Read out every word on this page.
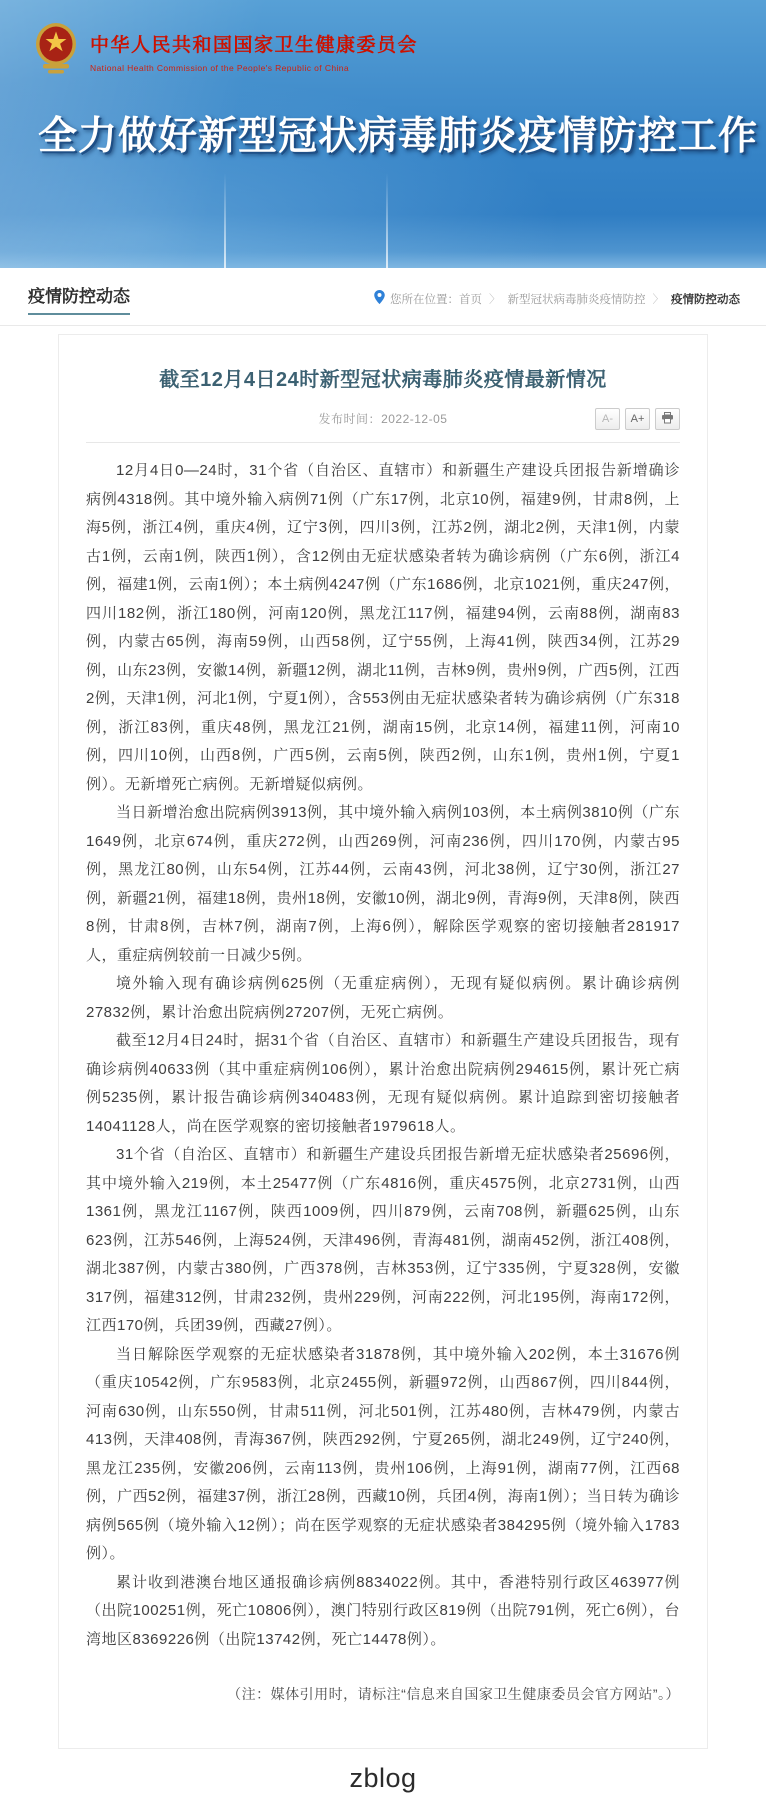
中华人民共和国国家卫生健康委员会
National Health Commission of the People's Republic of China
全力做好新型冠状病毒肺炎疫情防控工作
疫情防控动态	您所在位置： 首页 〉 新型冠状病毒肺炎疫情防控 〉 疫情防控动态
截至12月4日24时新型冠状病毒肺炎疫情最新情况
发布时间：2022-12-05	A-	A+

12月4日0—24时，31个省（自治区、直辖市）和新疆生产建设兵团报告新增确诊病例4318例。其中境外输入病例71例（广东17例，北京10例，福建9例，甘肃8例，上海5例，浙江4例，重庆4例，辽宁3例，四川3例，江苏2例，湖北2例，天津1例，内蒙古1例，云南1例，陕西1例），含12例由无症状感染者转为确诊病例（广东6例，浙江4例，福建1例，云南1例）；本土病例4247例（广东1686例，北京1021例，重庆247例，四川182例，浙江180例，河南120例，黑龙江117例，福建94例，云南88例，湖南83例，内蒙古65例，海南59例，山西58例，辽宁55例，上海41例，陕西34例，江苏29例，山东23例，安徽14例，新疆12例，湖北11例，吉林9例，贵州9例，广西5例，江西2例，天津1例，河北1例，宁夏1例），含553例由无症状感染者转为确诊病例（广东318例，浙江83例，重庆48例，黑龙江21例，湖南15例，北京14例，福建11例，河南10例，四川10例，山西8例，广西5例，云南5例，陕西2例，山东1例，贵州1例，宁夏1例）。无新增死亡病例。无新增疑似病例。

当日新增治愈出院病例3913例，其中境外输入病例103例，本土病例3810例（广东1649例，北京674例，重庆272例，山西269例，河南236例，四川170例，内蒙古95例，黑龙江80例，山东54例，江苏44例，云南43例，河北38例，辽宁30例，浙江27例，新疆21例，福建18例，贵州18例，安徽10例，湖北9例，青海9例，天津8例，陕西8例，甘肃8例，吉林7例，湖南7例，上海6例），解除医学观察的密切接触者281917人，重症病例较前一日减少5例。

境外输入现有确诊病例625例（无重症病例），无现有疑似病例。累计确诊病例27832例，累计治愈出院病例27207例，无死亡病例。

截至12月4日24时，据31个省（自治区、直辖市）和新疆生产建设兵团报告，现有确诊病例40633例（其中重症病例106例），累计治愈出院病例294615例，累计死亡病例5235例，累计报告确诊病例340483例，无现有疑似病例。累计追踪到密切接触者14041128人，尚在医学观察的密切接触者1979618人。

31个省（自治区、直辖市）和新疆生产建设兵团报告新增无症状感染者25696例，其中境外输入219例，本土25477例（广东4816例，重庆4575例，北京2731例，山西1361例，黑龙江1167例，陕西1009例，四川879例，云南708例，新疆625例，山东623例，江苏546例，上海524例，天津496例，青海481例，湖南452例，浙江408例，湖北387例，内蒙古380例，广西378例，吉林353例，辽宁335例，宁夏328例，安徽317例，福建312例，甘肃232例，贵州229例，河南222例，河北195例，海南172例，江西170例，兵团39例，西藏27例）。

当日解除医学观察的无症状感染者31878例，其中境外输入202例，本土31676例（重庆10542例，广东9583例，北京2455例，新疆972例，山西867例，四川844例，河南630例，山东550例，甘肃511例，河北501例，江苏480例，吉林479例，内蒙古413例，天津408例，青海367例，陕西292例，宁夏265例，湖北249例，辽宁240例，黑龙江235例，安徽206例，云南113例，贵州106例，上海91例，湖南77例，江西68例，广西52例，福建37例，浙江28例，西藏10例，兵团4例，海南1例）；当日转为确诊病例565例（境外输入12例）；尚在医学观察的无症状感染者384295例（境外输入1783例）。

累计收到港澳台地区通报确诊病例8834022例。其中，香港特别行政区463977例（出院100251例，死亡10806例），澳门特别行政区819例（出院791例，死亡6例），台湾地区8369226例（出院13742例，死亡14478例）。

（注：媒体引用时，请标注“信息来自国家卫生健康委员会官方网站”。）
zblog
